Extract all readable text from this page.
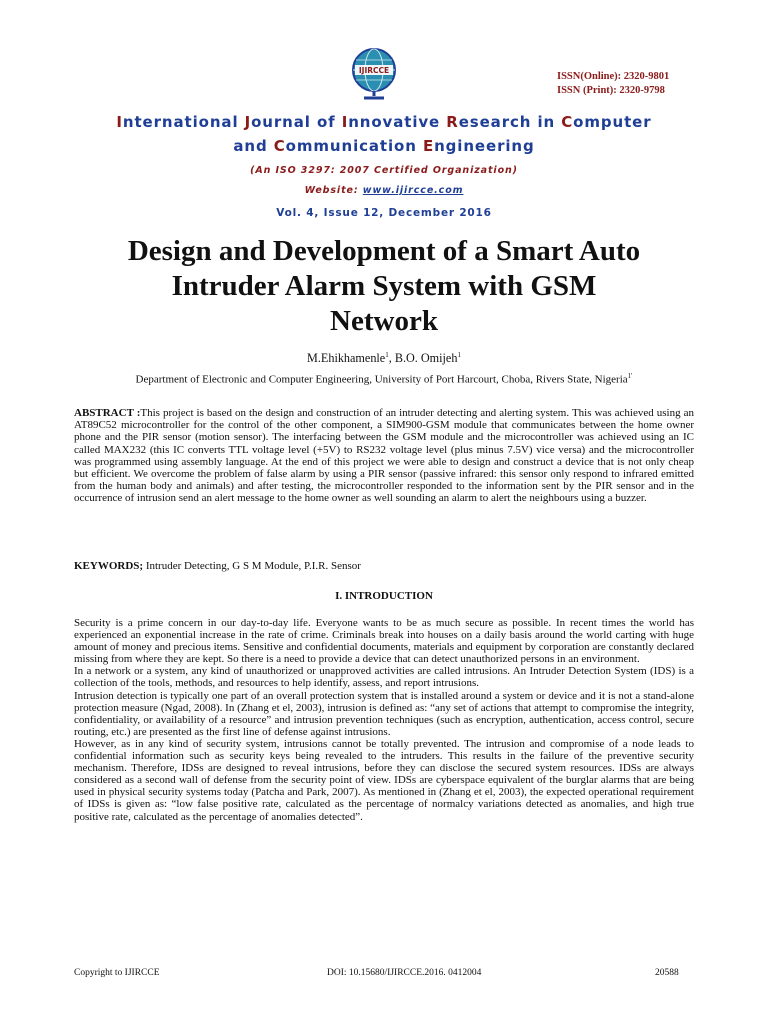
IJIRCCE
ISSN(Online): 2320-9801
ISSN (Print): 2320-9798
International Journal of Innovative Research in Computer
and Communication Engineering
(An ISO 3297: 2007 Certified Organization)
Website: www.ijircce.com
Vol. 4, Issue 12, December 2016
Design and Development of a Smart Auto
Intruder Alarm System with GSM
Network
M.Ehikhamenle$^1$, B.O. Omijeh$^1$
Department of Electronic and Computer Engineering, University of Port Harcourt, Choba, Rivers State, Nigeria$^{1'}$
ABSTRACT :This project is based on the design and construction of an intruder detecting and alerting system. This was achieved using an AT89C52 microcontroller for the control of the other component, a SIM900-GSM module that communicates between the home owner phone and the PIR sensor (motion sensor). The interfacing between the GSM module and the microcontroller was achieved using an IC called MAX232 (this IC converts TTL voltage level (+5V) to RS232 voltage level (plus minus 7.5V) vice versa) and the microcontroller was programmed using assembly language. At the end of this project we were able to design and construct a device that is not only cheap but efficient. We overcome the problem of false alarm by using a PIR sensor (passive infrared: this sensor only respond to infrared emitted from the human body and animals) and after testing, the microcontroller responded to the information sent by the PIR sensor and in the occurrence of intrusion send an alert message to the home owner as well sounding an alarm to alert the neighbours using a buzzer.
KEYWORDS; Intruder Detecting, G S M Module, P.I.R. Sensor
I. INTRODUCTION

Security is a prime concern in our day-to-day life. Everyone wants to be as much secure as possible. In recent times the world has experienced an exponential increase in the rate of crime. Criminals break into houses on a daily basis around the world carting with huge amount of money and precious items. Sensitive and confidential documents, materials and equipment by corporation are constantly declared missing from where they are kept. So there is a need to provide a device that can detect unauthorized persons in an environment.

In a network or a system, any kind of unauthorized or unapproved activities are called intrusions. An Intruder Detection System (IDS) is a collection of the tools, methods, and resources to help identify, assess, and report intrusions.

Intrusion detection is typically one part of an overall protection system that is installed around a system or device and it is not a stand-alone protection measure (Ngad, 2008). In (Zhang et el, 2003), intrusion is defined as: “any set of actions that attempt to compromise the integrity, confidentiality, or availability of a resource” and intrusion prevention techniques (such as encryption, authentication, access control, secure routing, etc.) are presented as the first line of defense against intrusions.

However, as in any kind of security system, intrusions cannot be totally prevented. The intrusion and compromise of a node leads to confidential information such as security keys being revealed to the intruders. This results in the failure of the preventive security mechanism. Therefore, IDSs are designed to reveal intrusions, before they can disclose the secured system resources. IDSs are always considered as a second wall of defense from the security point of view. IDSs are cyberspace equivalent of the burglar alarms that are being used in physical security systems today (Patcha and Park, 2007). As mentioned in (Zhang et el, 2003), the expected operational requirement of IDSs is given as: “low false positive rate, calculated as the percentage of normalcy variations detected as anomalies, and high true positive rate, calculated as the percentage of anomalies detected”.

Copyright to IJIRCCE	DOI: 10.15680/IJIRCCE.2016. 0412004	20588
